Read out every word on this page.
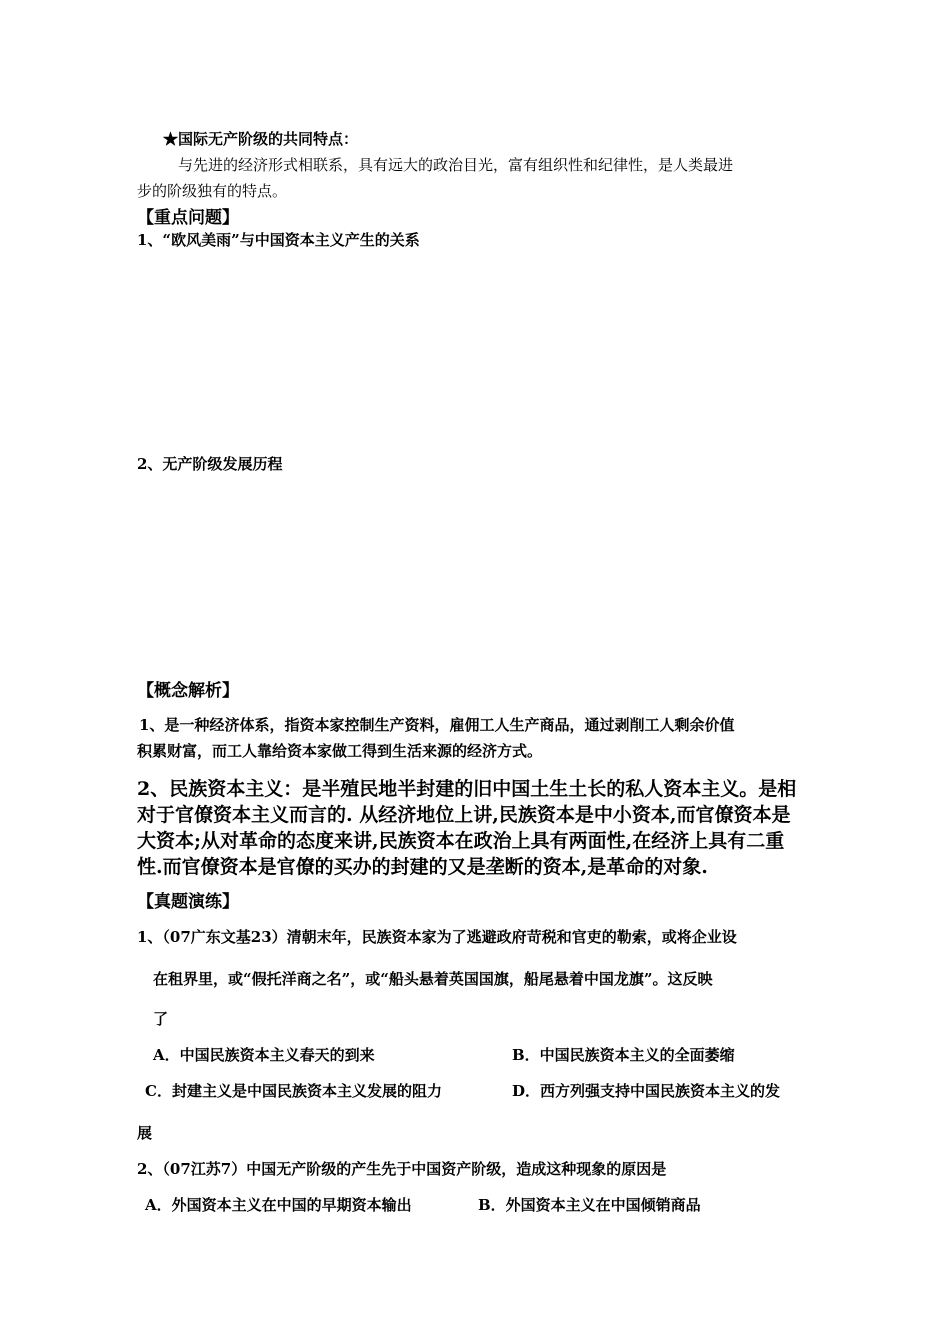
★国际无产阶级的共同特点：
与先进的经济形式相联系，具有远大的政治目光，富有组织性和纪律性，是人类最进
步的阶级独有的特点。
【重点问题】
1、“欧风美雨”与中国资本主义产生的关系
2、无产阶级发展历程
【概念解析】
1、是一种经济体系，指资本家控制生产资料，雇佣工人生产商品，通过剥削工人剩余价值
积累财富，而工人靠给资本家做工得到生活来源的经济方式。
2、民族资本主义：是半殖民地半封建的旧中国土生土长的私人资本主义。是相
对于官僚资本主义而言的. 从经济地位上讲,民族资本是中小资本,而官僚资本是
大资本;从对革命的态度来讲,民族资本在政治上具有两面性,在经济上具有二重
性.而官僚资本是官僚的买办的封建的又是垄断的资本,是革命的对象.
【真题演练】
1、（07广东文基23）清朝末年，民族资本家为了逃避政府苛税和官吏的勒索，或将企业设
在租界里，或“假托洋商之名”，或“船头悬着英国国旗，船尾悬着中国龙旗”。这反映
了
A．中国民族资本主义春天的到来	B．中国民族资本主义的全面萎缩
C．封建主义是中国民族资本主义发展的阻力	D．西方列强支持中国民族资本主义的发
展
2、（07江苏7）中国无产阶级的产生先于中国资产阶级，造成这种现象的原因是
A．外国资本主义在中国的早期资本输出	B．外国资本主义在中国倾销商品
